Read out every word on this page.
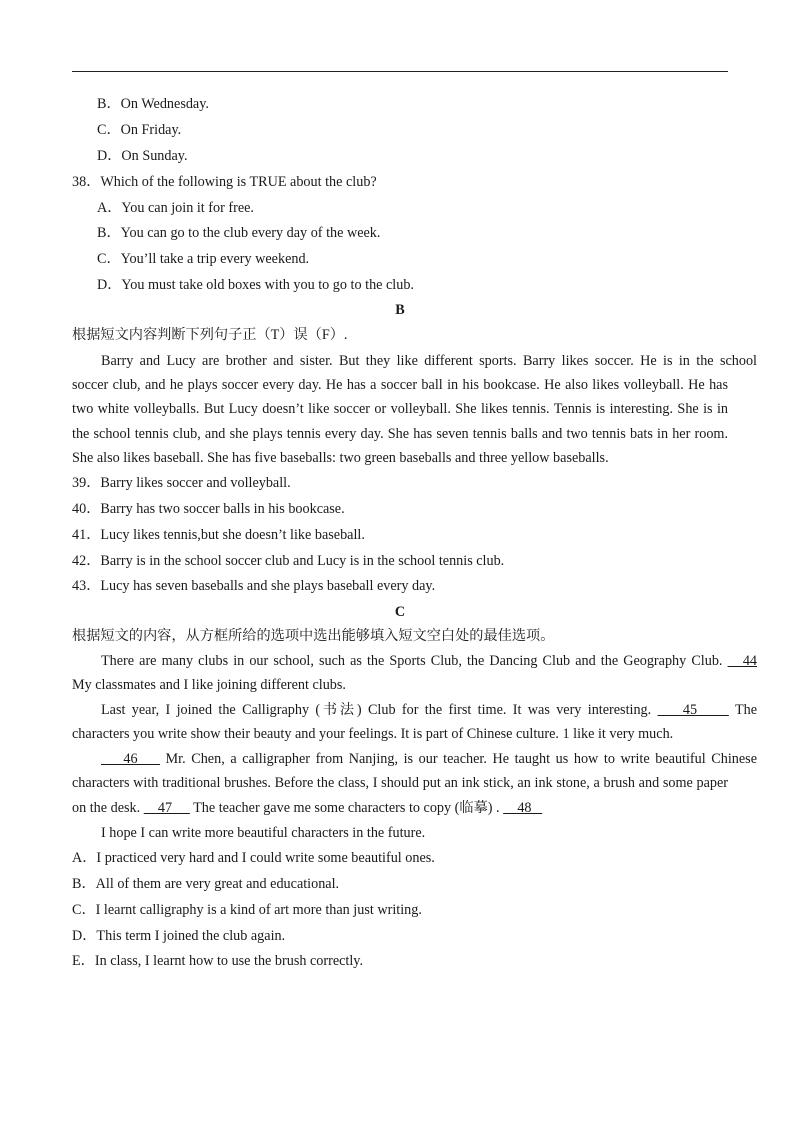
B．On Wednesday.
C．On Friday.
D．On Sunday.
38．Which of the following is TRUE about the club?
A．You can join it for free.
B．You can go to the club every day of the week.
C．You’ll take a trip every weekend.
D．You must take old boxes with you to go to the club.
B
根据短文内容判断下列句子正（T）误（F）.
Barry and Lucy are brother and sister. But they like different sports. Barry likes soccer. He is in the school
soccer club, and he plays soccer every day. He has a soccer ball in his bookcase. He also likes volleyball. He has
two white volleyballs. But Lucy doesn’t like soccer or volleyball. She likes tennis. Tennis is interesting. She is in
the school tennis club, and she plays tennis every day. She has seven tennis balls and two tennis bats in her room.
She also likes baseball. She has five baseballs: two green baseballs and three yellow baseballs.
39．Barry likes soccer and volleyball.
40．Barry has two soccer balls in his bookcase.
41．Lucy likes tennis,but she doesn’t like baseball.
42．Barry is in the school soccer club and Lucy is in the school tennis club.
43．Lucy has seven baseballs and she plays baseball every day.
C
根据短文的内容，从方框所给的选项中选出能够填入短文空白处的最佳选项。
There are many clubs in our school, such as the Sports Club, the Dancing Club and the Geography Club.    44
My classmates and I like joining different clubs.
Last year, I joined the Calligraphy (书法) Club for the first time. It was very interesting.     45      The
characters you write show their beauty and your feelings. It is part of Chinese culture. 1 like it very much.
46     Mr. Chen, a calligrapher from Nanjing, is our teacher. He taught us how to write beautiful Chinese
characters with traditional brushes. Before the class, I should put an ink stick, an ink stone, a brush and some paper
on the desk.     47      The teacher gave me some characters to copy (临摹) .     48
I hope I can write more beautiful characters in the future.
A．I practiced very hard and I could write some beautiful ones.
B．All of them are very great and educational.
C．I learnt calligraphy is a kind of art more than just writing.
D．This term I joined the club again.
E．In class, I learnt how to use the brush correctly.
